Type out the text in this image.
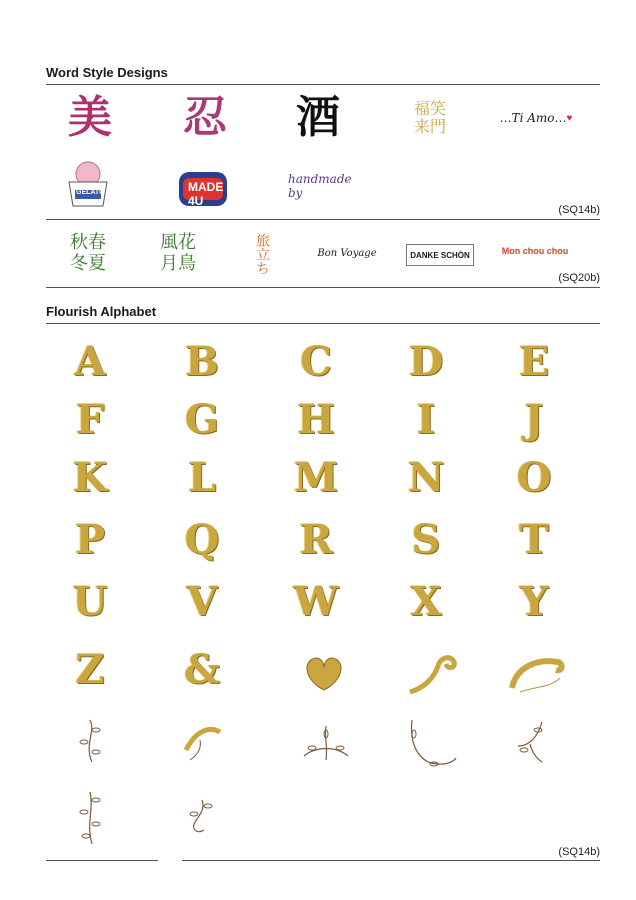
Word Style Designs
美 忍 酒	福笑
来門	…Ti Amo… ♥
GELATO	MADE 4U
handmade by
(SQ14b)
秋春
冬夏
風花
月鳥	旅立ち	Bon Voyage	DANKE SCHÖN	Mon chou chou
(SQ20b)
Flourish Alphabet
A B C D E
F G H	I	J
K L M N O
P Q R S T
U V W X Y
Z &
(SQ14b)
